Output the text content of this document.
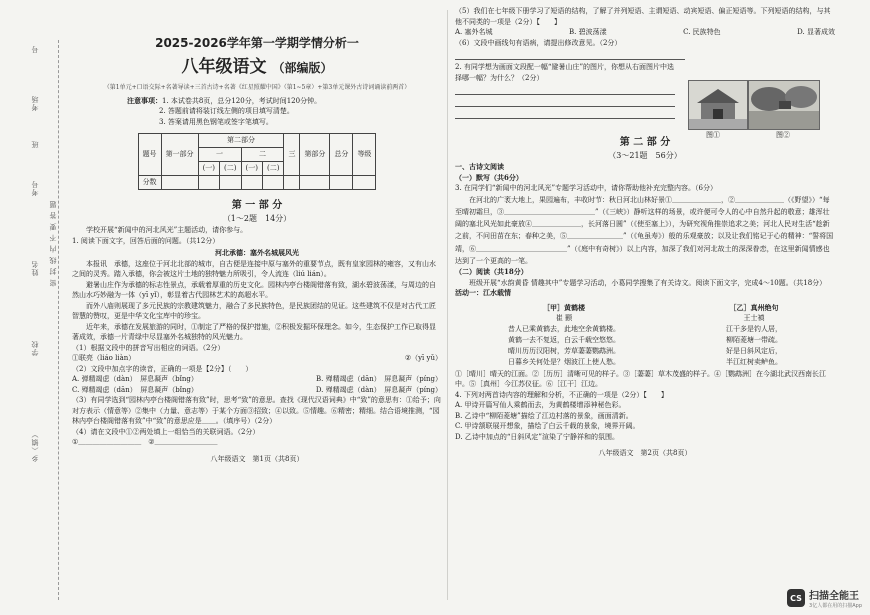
号
考场
班
考号
姓名
学校
乡（镇）
密 封 线 内 不 要 答 题
2025-2026学年第一学期学情分析一
八年级语文 （部编版）
（第1单元+口语交际+名著导读+三首古诗+名著《红星照耀中国》（第1~5章）+第3单元课外古诗词诵读前两首）
注意事项：1. 本试卷共8页，总分120分，考试时间120分钟。
2. 答题前请将装订线左侧的项目填写清楚。
3. 答案请用黑色钢笔或签字笔填写。
题号	第一部分	第二部分				三	第部分	总分	等级
		一		二					
		(一)	(二)	(一)	(二)				
分数									
第 一 部 分
（1～2题　14分）

学校开展“新闻中的河北风光”主题活动，请你参与。

1. 阅读下面文字，回答后面的问题。（共12分）

河北承德：塞外名城展风光

本报讯　承德，这座位于河北北部的城市，自古便是连接中原与塞外的重要节点，既有皇家园林的雍容，又有山水之间的灵秀。踏入承德，你会被这片土地的独特魅力所吸引，令人流连（liú lián）。

避暑山庄作为承德的标志性景点，承载着厚重的历史文化。园林内亭台楼阁错落有致，湖水碧波荡漾，与周边的自然山水巧妙融为一体（yī yǐ），彰显着古代园林艺术的高超水平。

而外八庙则展现了多元民族的宗教建筑魅力，融合了多民族特色，是民族团结的见证。这些建筑不仅是对古代工匠智慧的赞叹，更是中华文化宝库中的珍宝。

近年来，承德在发展旅游的同时，①制定了严格的保护措施，②积极发掘环保理念。如今，生态保护工作已取得显著成效，承德一片青绿中尽显塞外名城独特的风光魅力。

（1）根据文段中的拼音写出相应的词语。（2分）

①联亮（liáo liàn）	②（yī yǔ）

（2）文段中加点字的读音，正确的一项是【2分】（　　）

A. 弹精竭虑（dàn）　屏息凝声（bǐng）	B. 殚精竭虑（dān）　屏息凝声（píng）
C. 殚精竭虑（dān）　屏息凝声（bǐng）	D. 殚精竭虑（dàn）　屏息凝声（píng）

（3）有同学选到“园林内亭台楼阁错落有致”时，思考“致”的意思。查找《现代汉语词典》中“致”的意思有：①给予；向对方表示（情意等）②集中（力量、意志等）于某个方面③招致；④以致。⑤情趣。⑥精密；精细。结合语境推测，“园林内亭台楼阁错落有致”中“致”的意思应是＿＿。（填序号）（2分）

（4）请在文段中①②两处填上一组恰当的关联词语。（2分）

①＿＿＿＿＿＿＿＿＿　②＿＿＿＿＿＿＿＿＿

八年级语文　第1页（共8页）

（5）我们在七年级下册学习了短语的结构，了解了并列短语、主谓短语、动宾短语、偏正短语等。下列短语的结构，与其他不同类的一项是（2分）【　　】

A. 塞外名城	B. 碧波荡漾	C. 民族特色	D. 显著成效

（6）文段中画线句有语病，请提出修改意见。（2分）

2. 有同学想为画面文段配一幅“避暑山庄”的图片，你想从右面图片中选择哪一幅？为什么？（2分）

第 二 部 分
（3～21题　56分）

一、古诗文阅读

（一）默写（共6分）

3. 在同学们“新闻中的河北风光”专题学习活动中，请你帮助他补充完整内容。（6分）

在河北的广袤大地上，果园遍布，丰收时节：秋日河北山林好景①＿＿＿＿＿＿＿，②＿＿＿＿＿＿＿（《野望》）“每至晴初霜旦，③＿＿＿＿＿＿＿＿＿＿＿＿＿”（《三峡》）静听这样的场景，或许便可令人的心中自然升起的敬意；雄浑壮阔的塞北风光如此豪放④＿＿＿＿＿＿＿，长河落日圆”（《使至塞上》），为研究视角推崇追求之美；河北人民对生活“趁新之前，不问田苗在东；春种之美，⑤＿＿＿＿＿＿＿＿”（《龟虽寿》）般的乐观豪放；以及让我们铭记于心的精神：“誓将国靖，⑥＿＿＿＿＿＿＿＿＿＿＿＿＿”（《庭中有奇树》）以上内容，加深了我们对河北故土的深深眷恋，在这里新闻情感也达到了一个更高的一笔。

（二）阅读（共18分）

班级开展“水韵黄昏 情趣其中”专题学习活动，小葛同学搜集了有关诗文。阅读下面文字，完成4～10题。（共18分）

活动一：江水载情

［甲］黄鹤楼
崔 颢
昔人已乘黄鹤去，此地空余黄鹤楼。
黄鹤一去不复返，白云千载空悠悠。
晴川历历汉阳树，芳草萋萋鹦鹉洲。
日暮乡关何处是？烟波江上使人愁。
［乙］真州绝句
王士禛
江干多是钓人居，
柳陌菱塘一带疏。
好是日斜风定后，
半江红树卖鲈鱼。

①［晴川］晴天的江面。②［历历］清晰可见的样子。③［萋萋］草木茂盛的样子。④［鹦鹉洲］在今湖北武汉西南长江中。⑤［真州］今江苏仪征。⑥［江干］江边。

4. 下列对两首诗内容的理解和分析，不正确的一项是（2分）【　　】

A. 甲诗开篇写仙人乘鹤而去，为黄鹤楼增添神秘色彩。

B. 乙诗中“柳陌菱塘”描绘了江边村落的景象，画面清新。

C. 甲诗颔联展开想象，描绘了白云千载的景象，境界开阔。

D. 乙诗中加点的“日斜风定”渲染了宁静祥和的氛围。

八年级语文　第2页（共8页）
图①	图②
CS 扫描全能王
3亿人都在用的扫描App
